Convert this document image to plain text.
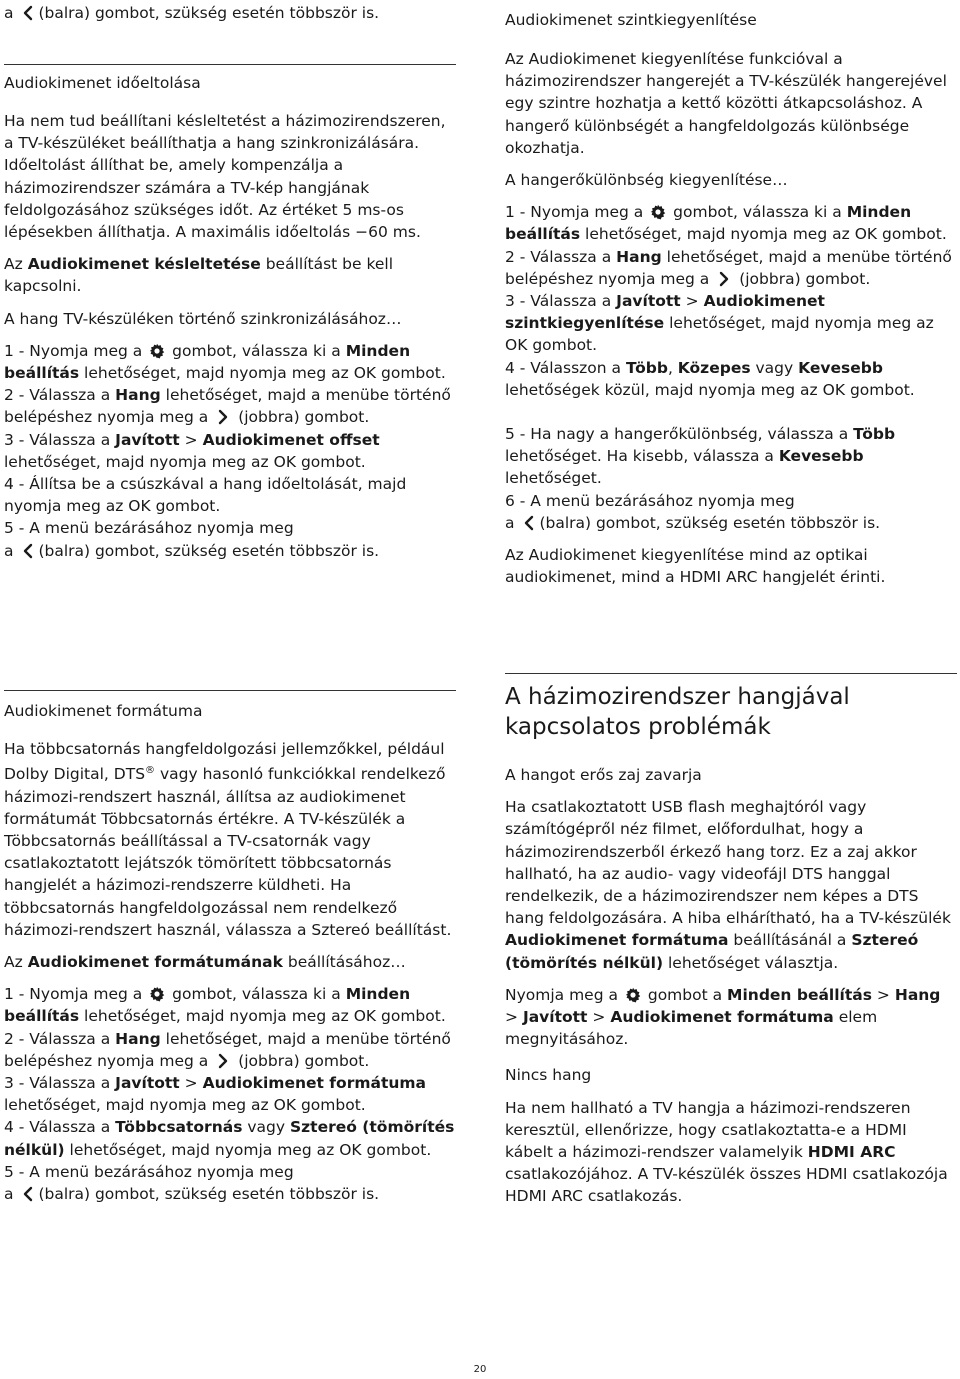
a (balra) gombot, szükség esetén többször is.

Audiokimenet időeltolása

Ha nem tud beállítani késleltetést a házimozirendszeren, a TV-készüléket beállíthatja a hang szinkronizálására. Időeltolást állíthat be, amely kompenzálja a házimozirendszer számára a TV-kép hangjának feldolgozásához szükséges időt. Az értéket 5 ms-os lépésekben állíthatja. A maximális időeltolás −60 ms.

Az Audiokimenet késleltetése beállítást be kell kapcsolni.

A hang TV-készüléken történő szinkronizálásához…

1 - Nyomja meg a gombot, válassza ki a Minden beállítás lehetőséget, majd nyomja meg az OK gombot.

2 - Válassza a Hang lehetőséget, majd a menübe történő belépéshez nyomja meg a (jobbra) gombot.

3 - Válassza a Javított > Audiokimenet offset lehetőséget, majd nyomja meg az OK gombot.

4 - Állítsa be a csúszkával a hang időeltolását, majd nyomja meg az OK gombot.

5 - A menü bezárásához nyomja meg

a (balra) gombot, szükség esetén többször is.

Audiokimenet formátuma

Ha többcsatornás hangfeldolgozási jellemzőkkel, például Dolby Digital, DTS® vagy hasonló funkciókkal rendelkező házimozi-rendszert használ, állítsa az audiokimenet formátumát Többcsatornás értékre. A TV-készülék a Többcsatornás beállítással a TV-csatornák vagy csatlakoztatott lejátszók tömörített többcsatornás hangjelét a házimozi-rendszerre küldheti. Ha többcsatornás hangfeldolgozással nem rendelkező házimozi-rendszert használ, válassza a Sztereó beállítást.

Az Audiokimenet formátumának beállításához…

1 - Nyomja meg a gombot, válassza ki a Minden beállítás lehetőséget, majd nyomja meg az OK gombot.

2 - Válassza a Hang lehetőséget, majd a menübe történő belépéshez nyomja meg a (jobbra) gombot.

3 - Válassza a Javított > Audiokimenet formátuma lehetőséget, majd nyomja meg az OK gombot.

4 - Válassza a Többcsatornás vagy Sztereó (tömörítés nélkül) lehetőséget, majd nyomja meg az OK gombot.

5 - A menü bezárásához nyomja meg

a (balra) gombot, szükség esetén többször is.

Audiokimenet szintkiegyenlítése

Az Audiokimenet kiegyenlítése funkcióval a házimozirendszer hangerejét a TV-készülék hangerejével egy szintre hozhatja a kettő közötti átkapcsoláshoz. A hangerő különbségét a hangfeldolgozás különbsége okozhatja.

A hangerőkülönbség kiegyenlítése…

1 - Nyomja meg a gombot, válassza ki a Minden beállítás lehetőséget, majd nyomja meg az OK gombot.

2 - Válassza a Hang lehetőséget, majd a menübe történő belépéshez nyomja meg a (jobbra) gombot.

3 - Válassza a Javított > Audiokimenet szintkiegyenlítése lehetőséget, majd nyomja meg az OK gombot.

4 - Válasszon a Több, Közepes vagy Kevesebb lehetőségek közül, majd nyomja meg az OK gombot.

5 - Ha nagy a hangerőkülönbség, válassza a Több lehetőséget. Ha kisebb, válassza a Kevesebb lehetőséget.

6 - A menü bezárásához nyomja meg

a (balra) gombot, szükség esetén többször is.

Az Audiokimenet kiegyenlítése mind az optikai audiokimenet, mind a HDMI ARC hangjelét érinti.

A házimozirendszer hangjával kapcsolatos problémák

A hangot erős zaj zavarja

Ha csatlakoztatott USB flash meghajtóról vagy számítógépről néz filmet, előfordulhat, hogy a házimozirendszerből érkező hang torz. Ez a zaj akkor hallható, ha az audio- vagy videofájl DTS hanggal rendelkezik, de a házimozirendszer nem képes a DTS hang feldolgozására. A hiba elhárítható, ha a TV-készülék Audiokimenet formátuma beállításánál a Sztereó (tömörítés nélkül) lehetőséget választja.

Nyomja meg a gombot a Minden beállítás > Hang > Javított > Audiokimenet formátuma elem megnyitásához.

Nincs hang

Ha nem hallható a TV hangja a házimozi-rendszeren keresztül, ellenőrizze, hogy csatlakoztatta-e a HDMI kábelt a házimozi-rendszer valamelyik HDMI ARC csatlakozójához. A TV-készülék összes HDMI csatlakozója HDMI ARC csatlakozás.

20
